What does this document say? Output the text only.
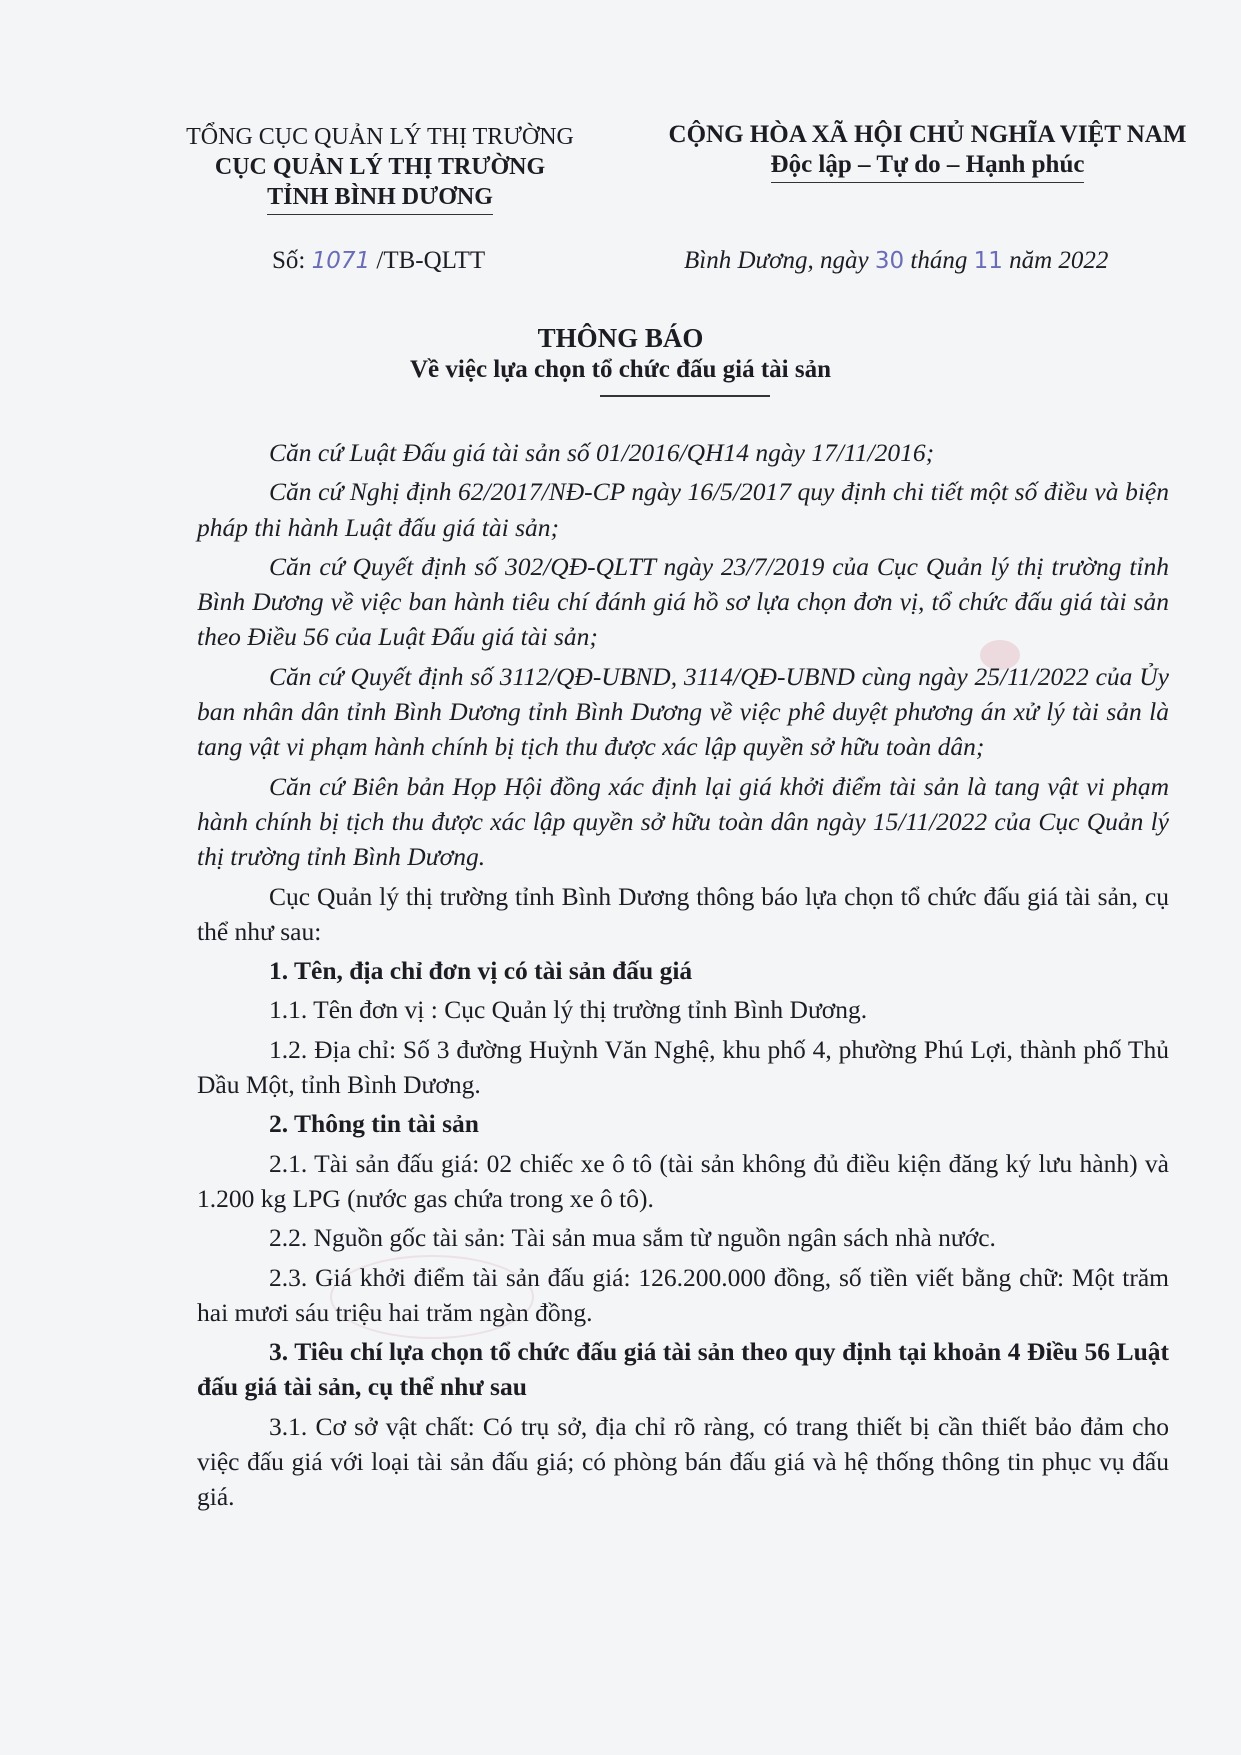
TỔNG CỤC QUẢN LÝ THỊ TRƯỜNG
CỤC QUẢN LÝ THỊ TRƯỜNG
TỈNH BÌNH DƯƠNG
CỘNG HÒA XÃ HỘI CHỦ NGHĨA VIỆT NAM
Độc lập – Tự do – Hạnh phúc
Số: 1071 /TB-QLTT	Bình Dương, ngày 30 tháng 11 năm 2022
THÔNG BÁO
Về việc lựa chọn tổ chức đấu giá tài sản

Căn cứ Luật Đấu giá tài sản số 01/2016/QH14 ngày 17/11/2016;

Căn cứ Nghị định 62/2017/NĐ-CP ngày 16/5/2017 quy định chi tiết một số điều và biện pháp thi hành Luật đấu giá tài sản;

Căn cứ Quyết định số 302/QĐ-QLTT ngày 23/7/2019 của Cục Quản lý thị trường tỉnh Bình Dương về việc ban hành tiêu chí đánh giá hồ sơ lựa chọn đơn vị, tổ chức đấu giá tài sản theo Điều 56 của Luật Đấu giá tài sản;

Căn cứ Quyết định số 3112/QĐ-UBND, 3114/QĐ-UBND cùng ngày 25/11/2022 của Ủy ban nhân dân tỉnh Bình Dương tỉnh Bình Dương về việc phê duyệt phương án xử lý tài sản là tang vật vi phạm hành chính bị tịch thu được xác lập quyền sở hữu toàn dân;

Căn cứ Biên bản Họp Hội đồng xác định lại giá khởi điểm tài sản là tang vật vi phạm hành chính bị tịch thu được xác lập quyền sở hữu toàn dân ngày 15/11/2022 của Cục Quản lý thị trường tỉnh Bình Dương.

Cục Quản lý thị trường tỉnh Bình Dương thông báo lựa chọn tổ chức đấu giá tài sản, cụ thể như sau:

1. Tên, địa chỉ đơn vị có tài sản đấu giá

1.1. Tên đơn vị : Cục Quản lý thị trường tỉnh Bình Dương.

1.2. Địa chỉ: Số 3 đường Huỳnh Văn Nghệ, khu phố 4, phường Phú Lợi, thành phố Thủ Dầu Một, tỉnh Bình Dương.

2. Thông tin tài sản

2.1. Tài sản đấu giá: 02 chiếc xe ô tô (tài sản không đủ điều kiện đăng ký lưu hành) và 1.200 kg LPG (nước gas chứa trong xe ô tô).

2.2. Nguồn gốc tài sản: Tài sản mua sắm từ nguồn ngân sách nhà nước.

2.3. Giá khởi điểm tài sản đấu giá: 126.200.000 đồng, số tiền viết bằng chữ: Một trăm hai mươi sáu triệu hai trăm ngàn đồng.

3. Tiêu chí lựa chọn tổ chức đấu giá tài sản theo quy định tại khoản 4 Điều 56 Luật đấu giá tài sản, cụ thể như sau

3.1. Cơ sở vật chất: Có trụ sở, địa chỉ rõ ràng, có trang thiết bị cần thiết bảo đảm cho việc đấu giá với loại tài sản đấu giá; có phòng bán đấu giá và hệ thống thông tin phục vụ đấu giá.
